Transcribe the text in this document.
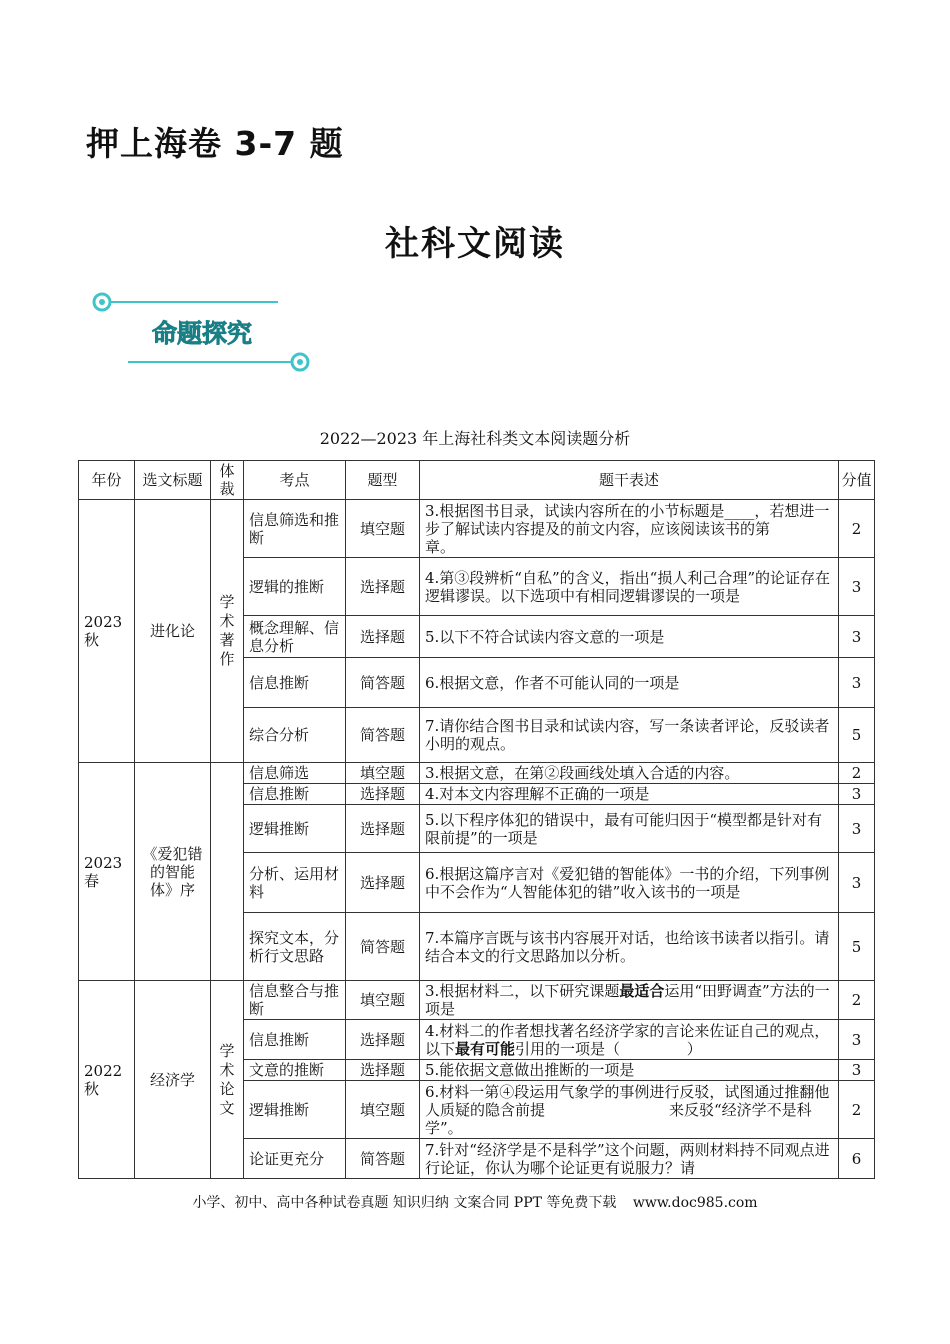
押上海卷 3-7 题
社科文阅读
命题探究
2022—2023 年上海社科类文本阅读题分析
年份	选文标题	体裁	考点	题型	题干表述	分值
2023 秋	进化论	学术著作	信息筛选和推断	填空题	3.根据图书目录，试读内容所在的小节标题是____，若想进一步了解试读内容提及的前文内容，应该阅读该书的第       章。	2
			逻辑的推断	选择题	4.第③段辨析“自私”的含义，指出“损人利己合理”的论证存在逻辑谬误。以下选项中有相同逻辑谬误的一项是	3
			概念理解、信息分析	选择题	5.以下不符合试读内容文意的一项是	3
			信息推断	简答题	6.根据文意，作者不可能认同的一项是	3
			综合分析	简答题	7.请你结合图书目录和试读内容，写一条读者评论，反驳读者小明的观点。	5
2023 春	《爱犯错的智能体》序		信息筛选	填空题	3.根据文意，在第②段画线处填入合适的内容。	2
			信息推断	选择题	4.对本文内容理解不正确的一项是	3
			逻辑推断	选择题	5.以下程序体犯的错误中，最有可能归因于“模型都是针对有限前提”的一项是	3
			分析、运用材料	选择题	6.根据这篇序言对《爱犯错的智能体》一书的介绍，下列事例中不会作为“人智能体犯的错”收入该书的一项是	3
			探究文本，分析行文思路	简答题	7.本篇序言既与该书内容展开对话，也给该书读者以指引。请结合本文的行文思路加以分析。	5
2022 秋	经济学	学术论文	信息整合与推断	填空题	3.根据材料二，以下研究课题最适合运用“田野调查”方法的一项是	2
			信息推断	选择题	4.材料二的作者想找著名经济学家的言论来佐证自己的观点，以下最有可能引用的一项是（              ）	3
			文意的推断	选择题	5.能依据文意做出推断的一项是	3
			逻辑推断	填空题	6.材料一第④段运用气象学的事例进行反驳，试图通过推翻他人质疑的隐含前提                          来反驳“经济学不是科学”。	2
			论证更充分	简答题	7.针对“经济学是不是科学”这个问题，两则材料持不同观点进行论证，你认为哪个论证更有说服力？请	6
小学、初中、高中各种试卷真题 知识归纳 文案合同 PPT 等免费下载 www.doc985.com
